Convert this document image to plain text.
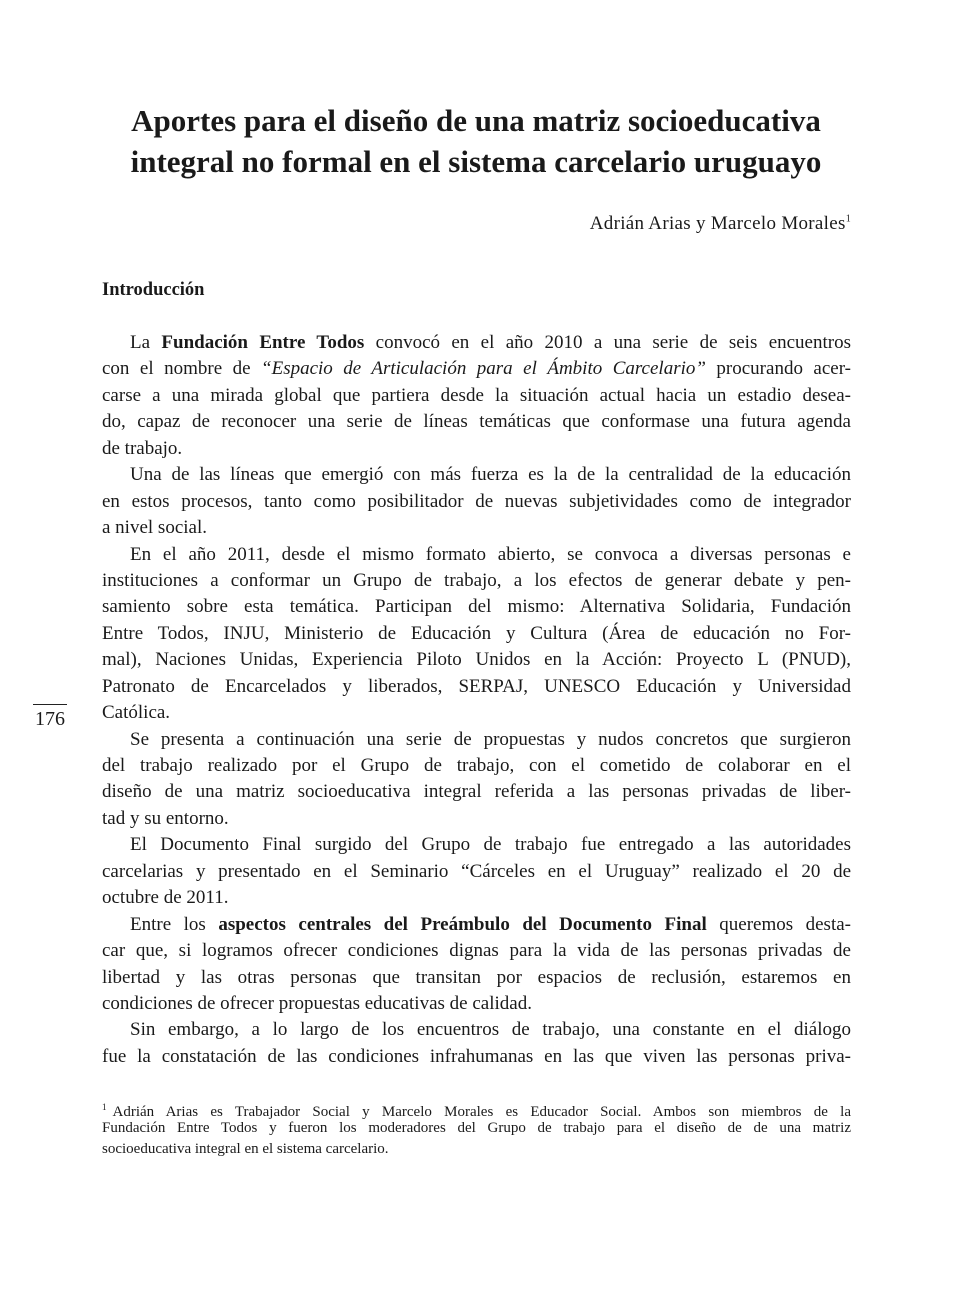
Aportes para el diseño de una matriz socioeducativa
integral no formal en el sistema carcelario uruguayo
Adrián Arias y Marcelo Morales$^1$
Introducción
La Fundación Entre Todos convocó en el año 2010 a una serie de seis encuentros
con el nombre de “Espacio de Articulación para el Ámbito Carcelario” procurando acer-
carse a una mirada global que partiera desde la situación actual hacia un estadio desea-
do, capaz de reconocer una serie de líneas temáticas que conformase una futura agenda
de trabajo.
Una de las líneas que emergió con más fuerza es la de la centralidad de la educación
en estos procesos, tanto como posibilitador de nuevas subjetividades como de integrador
a nivel social.
En el año 2011, desde el mismo formato abierto, se convoca a diversas personas e
instituciones a conformar un Grupo de trabajo, a los efectos de generar debate y pen-
samiento sobre esta temática. Participan del mismo: Alternativa Solidaria, Fundación
Entre Todos, INJU, Ministerio de Educación y Cultura (Área de educación no For-
mal), Naciones Unidas, Experiencia Piloto Unidos en la Acción: Proyecto L (PNUD),
Patronato de Encarcelados y liberados, SERPAJ, UNESCO Educación y Universidad
Católica.
Se presenta a continuación una serie de propuestas y nudos concretos que surgieron
del trabajo realizado por el Grupo de trabajo, con el cometido de colaborar en el
diseño de una matriz socioeducativa integral referida a las personas privadas de liber-
tad y su entorno.
El Documento Final surgido del Grupo de trabajo fue entregado a las autoridades
carcelarias y presentado en el Seminario “Cárceles en el Uruguay” realizado el 20 de
octubre de 2011.
Entre los aspectos centrales del Preámbulo del Documento Final queremos desta-
car que, si logramos ofrecer condiciones dignas para la vida de las personas privadas de
libertad y las otras personas que transitan por espacios de reclusión, estaremos en
condiciones de ofrecer propuestas educativas de calidad.
Sin embargo, a lo largo de los encuentros de trabajo, una constante en el diálogo
fue la constatación de las condiciones infrahumanas en las que viven las personas priva-
176
$^1$ Adrián Arias es Trabajador Social y Marcelo Morales es Educador Social. Ambos son miembros de la
Fundación Entre Todos y fueron los moderadores del Grupo de trabajo para el diseño de de una matriz
socioeducativa integral en el sistema carcelario.
